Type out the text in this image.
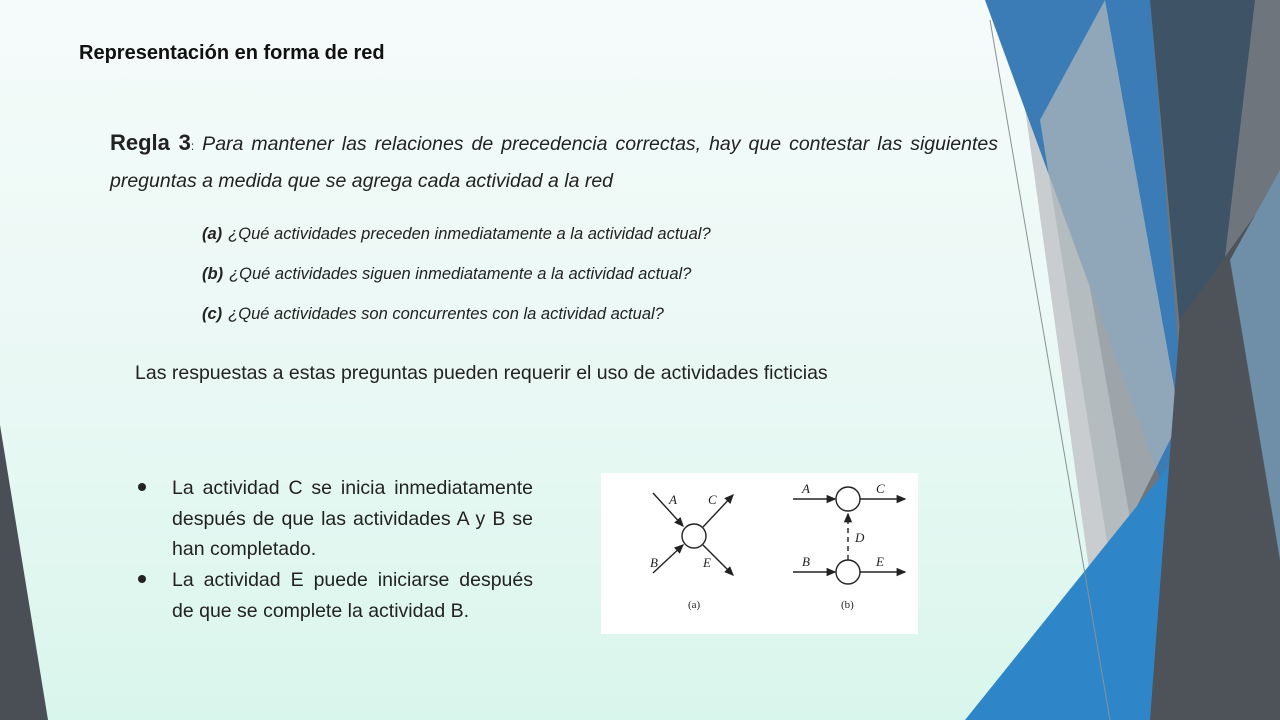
Representación en forma de red
Regla 3: Para mantener las relaciones de precedencia correctas, hay que contestar las siguientes preguntas a medida que se agrega cada actividad a la red
(a) ¿Qué actividades preceden inmediatamente a la actividad actual?
(b) ¿Qué actividades siguen inmediatamente a la actividad actual?
(c) ¿Qué actividades son concurrentes con la actividad actual?
Las respuestas a estas preguntas pueden requerir el uso de actividades ficticias
La actividad C se inicia inmediatamente después de que las actividades A y B se han completado.
La actividad E puede iniciarse después de que se complete la actividad B.
A C
B	E
(a)
A	C
D
B	E
(b)
